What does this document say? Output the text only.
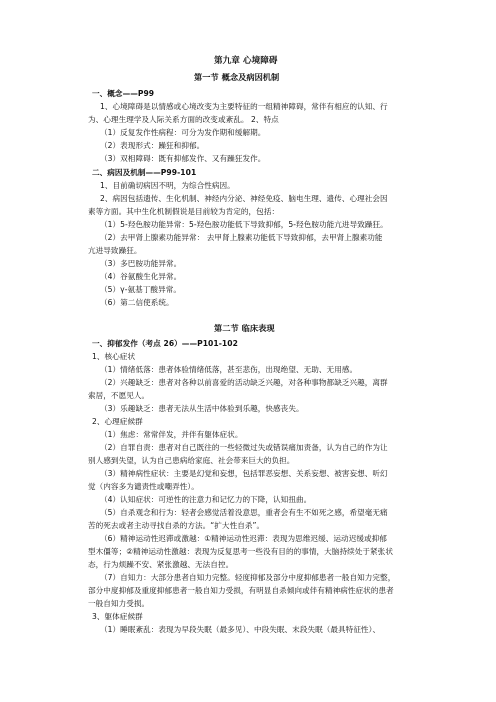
第九章 心境障碍
第一节 概念及病因机制
一、概念——P99
1、心境障碍是以情感或心境改变为主要特征的一组精神障碍，常伴有相应的认知、行
为、心理生理学及人际关系方面的改变或紊乱。 2、特点
（1）反复发作性病程：可分为发作期和缓解期。
（2）表现形式：躁狂和抑郁。
（3）双相障碍：既有抑郁发作、又有躁狂发作。
二、病因及机制——P99-101
1、目前确切病因不明，为综合性病因。
2、病因包括遗传、生化机制、神经内分泌、神经免疫、脑电生理、遗传、心理社会因
素等方面。其中生化机制假说是目前较为肯定的，包括：
（1）5-羟色胺功能异常：5-羟色胺功能低下导致抑郁，5-羟色胺功能亢进导致躁狂。
（2）去甲肾上腺素功能异常： 去甲肾上腺素功能低下导致抑郁，去甲肾上腺素功能
亢进导致躁狂。
（3）多巴胺功能异常。
（4）谷氨酸生化异常。
（5）γ-氨基丁酸异常。
（6）第二信使系统。
第二节 临床表现
一、抑郁发作（考点 26）——P101-102
1、核心症状
（1）情绪低落：患者体验情绪低落，甚至悲伤，出现绝望、无助、无用感。
（2）兴趣缺乏：患者对各种以前喜爱的活动缺乏兴趣，对各种事物都缺乏兴趣，离群
索居，不愿见人。
（3）乐趣缺乏：患者无法从生活中体验到乐趣，快感丧失。
2、心理症候群
（1）焦虑：常常伴发，并伴有躯体症状。
（2）自罪自责：患者对自己既往的一些轻微过失或错误痛加责备，认为自己的作为让
别人感到失望，认为自己患病给家庭、社会带来巨大的负担。
（3）精神病性症状：主要是幻觉和妄想，包括罪恶妄想、关系妄想、被害妄想、听幻
觉（内容多为谴责性或嘲弄性）。
（4）认知症状：可逆性的注意力和记忆力的下降，认知扭曲。
（5）自杀观念和行为：轻者会感觉活着没意思，重者会有生不如死之感，希望毫无痛
苦的死去或者主动寻找自杀的方法。“扩大性自杀”。
（6）精神运动性迟滞或激越：①精神运动性迟滞：表现为思维迟缓、运动迟缓或抑郁
型木僵等；②精神运动性激越：表现为反复思考一些没有目的的事情，大脑持续处于紧张状
态，行为烦躁不安、紧张激越、无法自控。
（7）自知力：大部分患者自知力完整。轻度抑郁及部分中度抑郁患者一般自知力完整，
部分中度抑郁及重度抑郁患者一般自知力受损，有明显自杀倾向或伴有精神病性症状的患者
一般自知力受损。
3、躯体症候群
（1）睡眠紊乱：表现为早段失眠（最多见）、中段失眠、末段失眠（最具特征性）、
